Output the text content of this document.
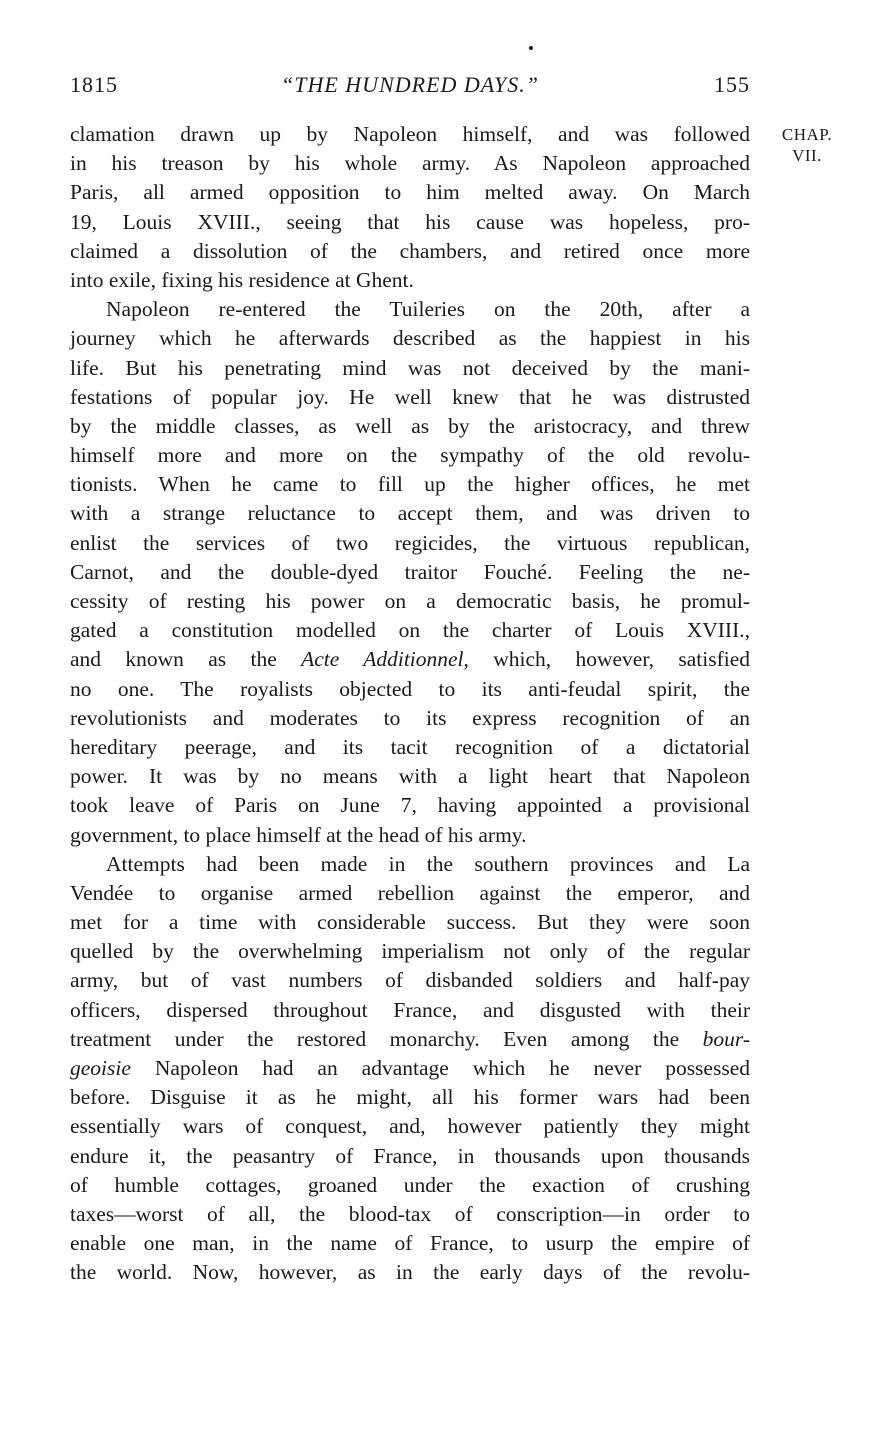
1815	“THE HUNDRED DAYS.”	155
CHAP.
VII.
clamation drawn up by Napoleon himself, and was followed
in his treason by his whole army. As Napoleon approached
Paris, all armed opposition to him melted away. On March
19, Louis XVIII., seeing that his cause was hopeless, pro-
claimed a dissolution of the chambers, and retired once more
into exile, fixing his residence at Ghent.
Napoleon re-entered the Tuileries on the 20th, after a
journey which he afterwards described as the happiest in his
life. But his penetrating mind was not deceived by the mani-
festations of popular joy. He well knew that he was distrusted
by the middle classes, as well as by the aristocracy, and threw
himself more and more on the sympathy of the old revolu-
tionists. When he came to fill up the higher offices, he met
with a strange reluctance to accept them, and was driven to
enlist the services of two regicides, the virtuous republican,
Carnot, and the double-dyed traitor Fouché. Feeling the ne-
cessity of resting his power on a democratic basis, he promul-
gated a constitution modelled on the charter of Louis XVIII.,
and known as the Acte Additionnel, which, however, satisfied
no one. The royalists objected to its anti-feudal spirit, the
revolutionists and moderates to its express recognition of an
hereditary peerage, and its tacit recognition of a dictatorial
power. It was by no means with a light heart that Napoleon
took leave of Paris on June 7, having appointed a provisional
government, to place himself at the head of his army.
Attempts had been made in the southern provinces and La
Vendée to organise armed rebellion against the emperor, and
met for a time with considerable success. But they were soon
quelled by the overwhelming imperialism not only of the regular
army, but of vast numbers of disbanded soldiers and half-pay
officers, dispersed throughout France, and disgusted with their
treatment under the restored monarchy. Even among the bour-
geoisie Napoleon had an advantage which he never possessed
before. Disguise it as he might, all his former wars had been
essentially wars of conquest, and, however patiently they might
endure it, the peasantry of France, in thousands upon thousands
of humble cottages, groaned under the exaction of crushing
taxes—worst of all, the blood-tax of conscription—in order to
enable one man, in the name of France, to usurp the empire of
the world. Now, however, as in the early days of the revolu-
